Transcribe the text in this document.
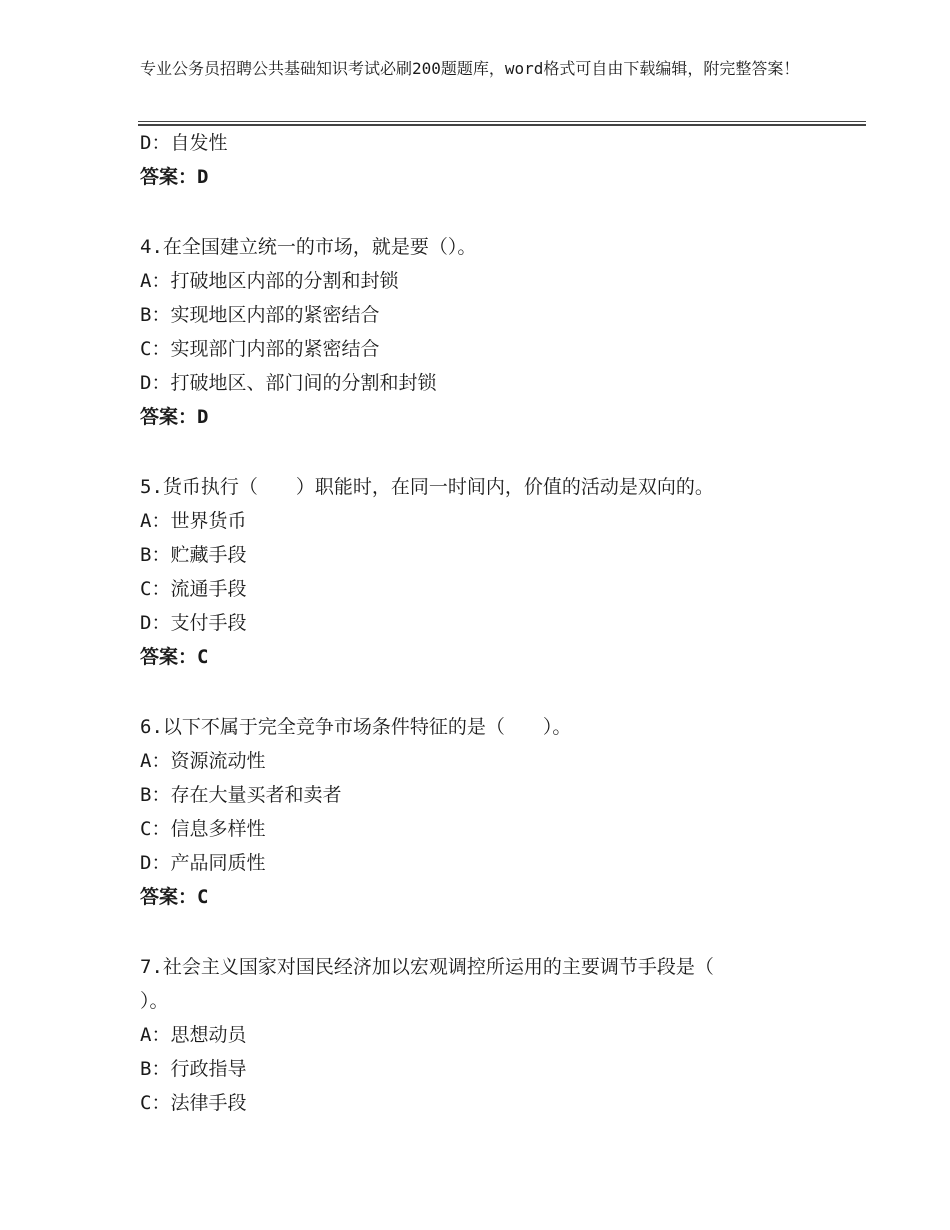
专业公务员招聘公共基础知识考试必刷200题题库，word格式可自由下载编辑，附完整答案！
D：自发性
答案：D
4.在全国建立统一的市场，就是要（）。
A：打破地区内部的分割和封锁
B：实现地区内部的紧密结合
C：实现部门内部的紧密结合
D：打破地区、部门间的分割和封锁
答案：D
5.货币执行（　　）职能时，在同一时间内，价值的活动是双向的。
A：世界货币
B：贮藏手段
C：流通手段
D：支付手段
答案：C
6.以下不属于完全竞争市场条件特征的是（　　）。
A：资源流动性
B：存在大量买者和卖者
C：信息多样性
D：产品同质性
答案：C
7.社会主义国家对国民经济加以宏观调控所运用的主要调节手段是（
）。
A：思想动员
B：行政指导
C：法律手段
